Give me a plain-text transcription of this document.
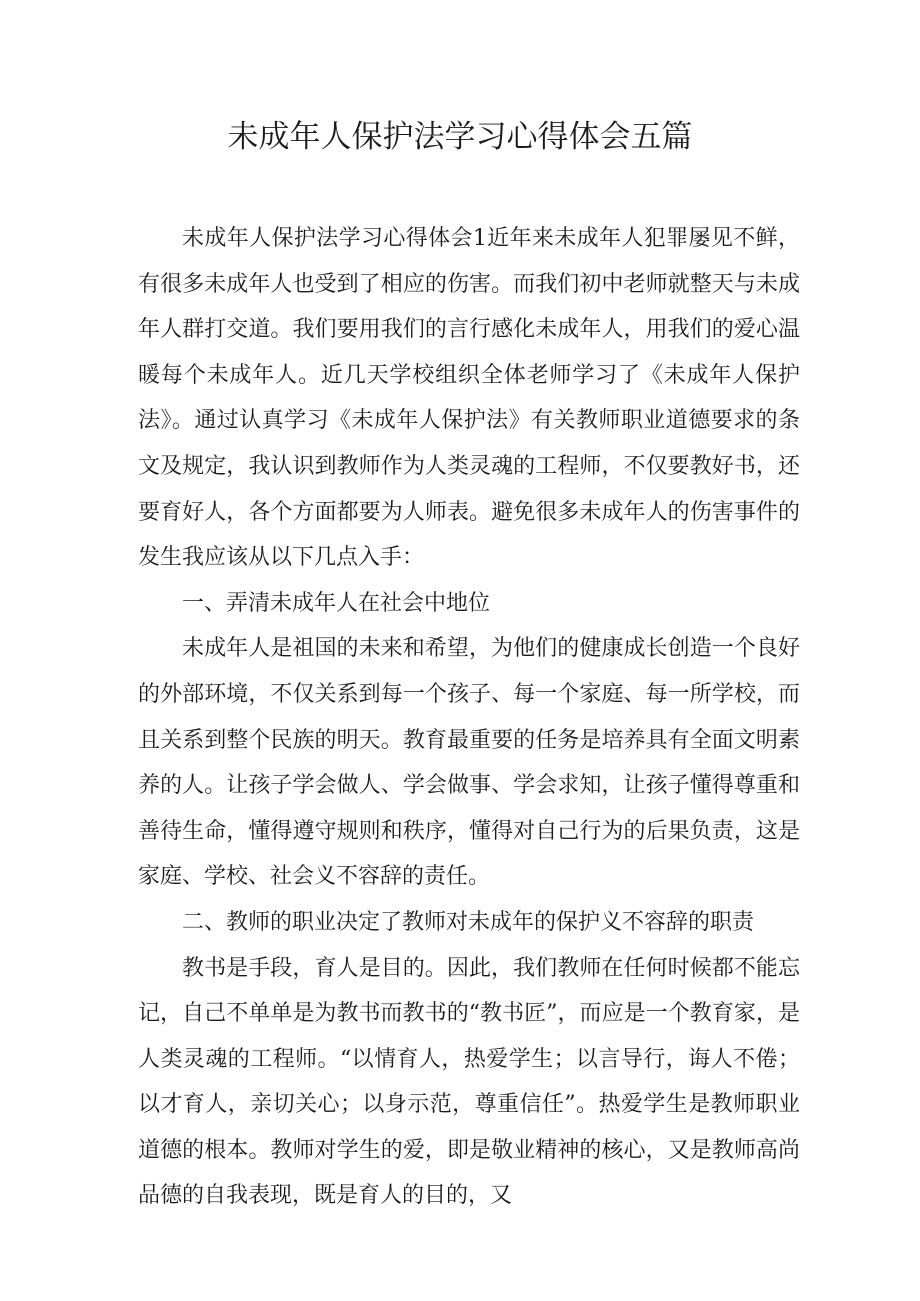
未成年人保护法学习心得体会五篇

未成年人保护法学习心得体会1近年来未成年人犯罪屡见不鲜，有很多未成年人也受到了相应的伤害。而我们初中老师就整天与未成年人群打交道。我们要用我们的言行感化未成年人，用我们的爱心温暖每个未成年人。近几天学校组织全体老师学习了《未成年人保护法》。通过认真学习《未成年人保护法》有关教师职业道德要求的条文及规定，我认识到教师作为人类灵魂的工程师，不仅要教好书，还要育好人，各个方面都要为人师表。避免很多未成年人的伤害事件的发生我应该从以下几点入手：

一、弄清未成年人在社会中地位

未成年人是祖国的未来和希望，为他们的健康成长创造一个良好的外部环境，不仅关系到每一个孩子、每一个家庭、每一所学校，而且关系到整个民族的明天。教育最重要的任务是培养具有全面文明素养的人。让孩子学会做人、学会做事、学会求知，让孩子懂得尊重和善待生命，懂得遵守规则和秩序，懂得对自己行为的后果负责，这是家庭、学校、社会义不容辞的责任。

二、教师的职业决定了教师对未成年的保护义不容辞的职责

教书是手段，育人是目的。因此，我们教师在任何时候都不能忘记，自己不单单是为教书而教书的“教书匠”，而应是一个教育家，是人类灵魂的工程师。“以情育人，热爱学生；以言导行，诲人不倦；以才育人，亲切关心；以身示范，尊重信任”。热爱学生是教师职业道德的根本。教师对学生的爱，即是敬业精神的核心，又是教师高尚品德的自我表现，既是育人的目的，又
